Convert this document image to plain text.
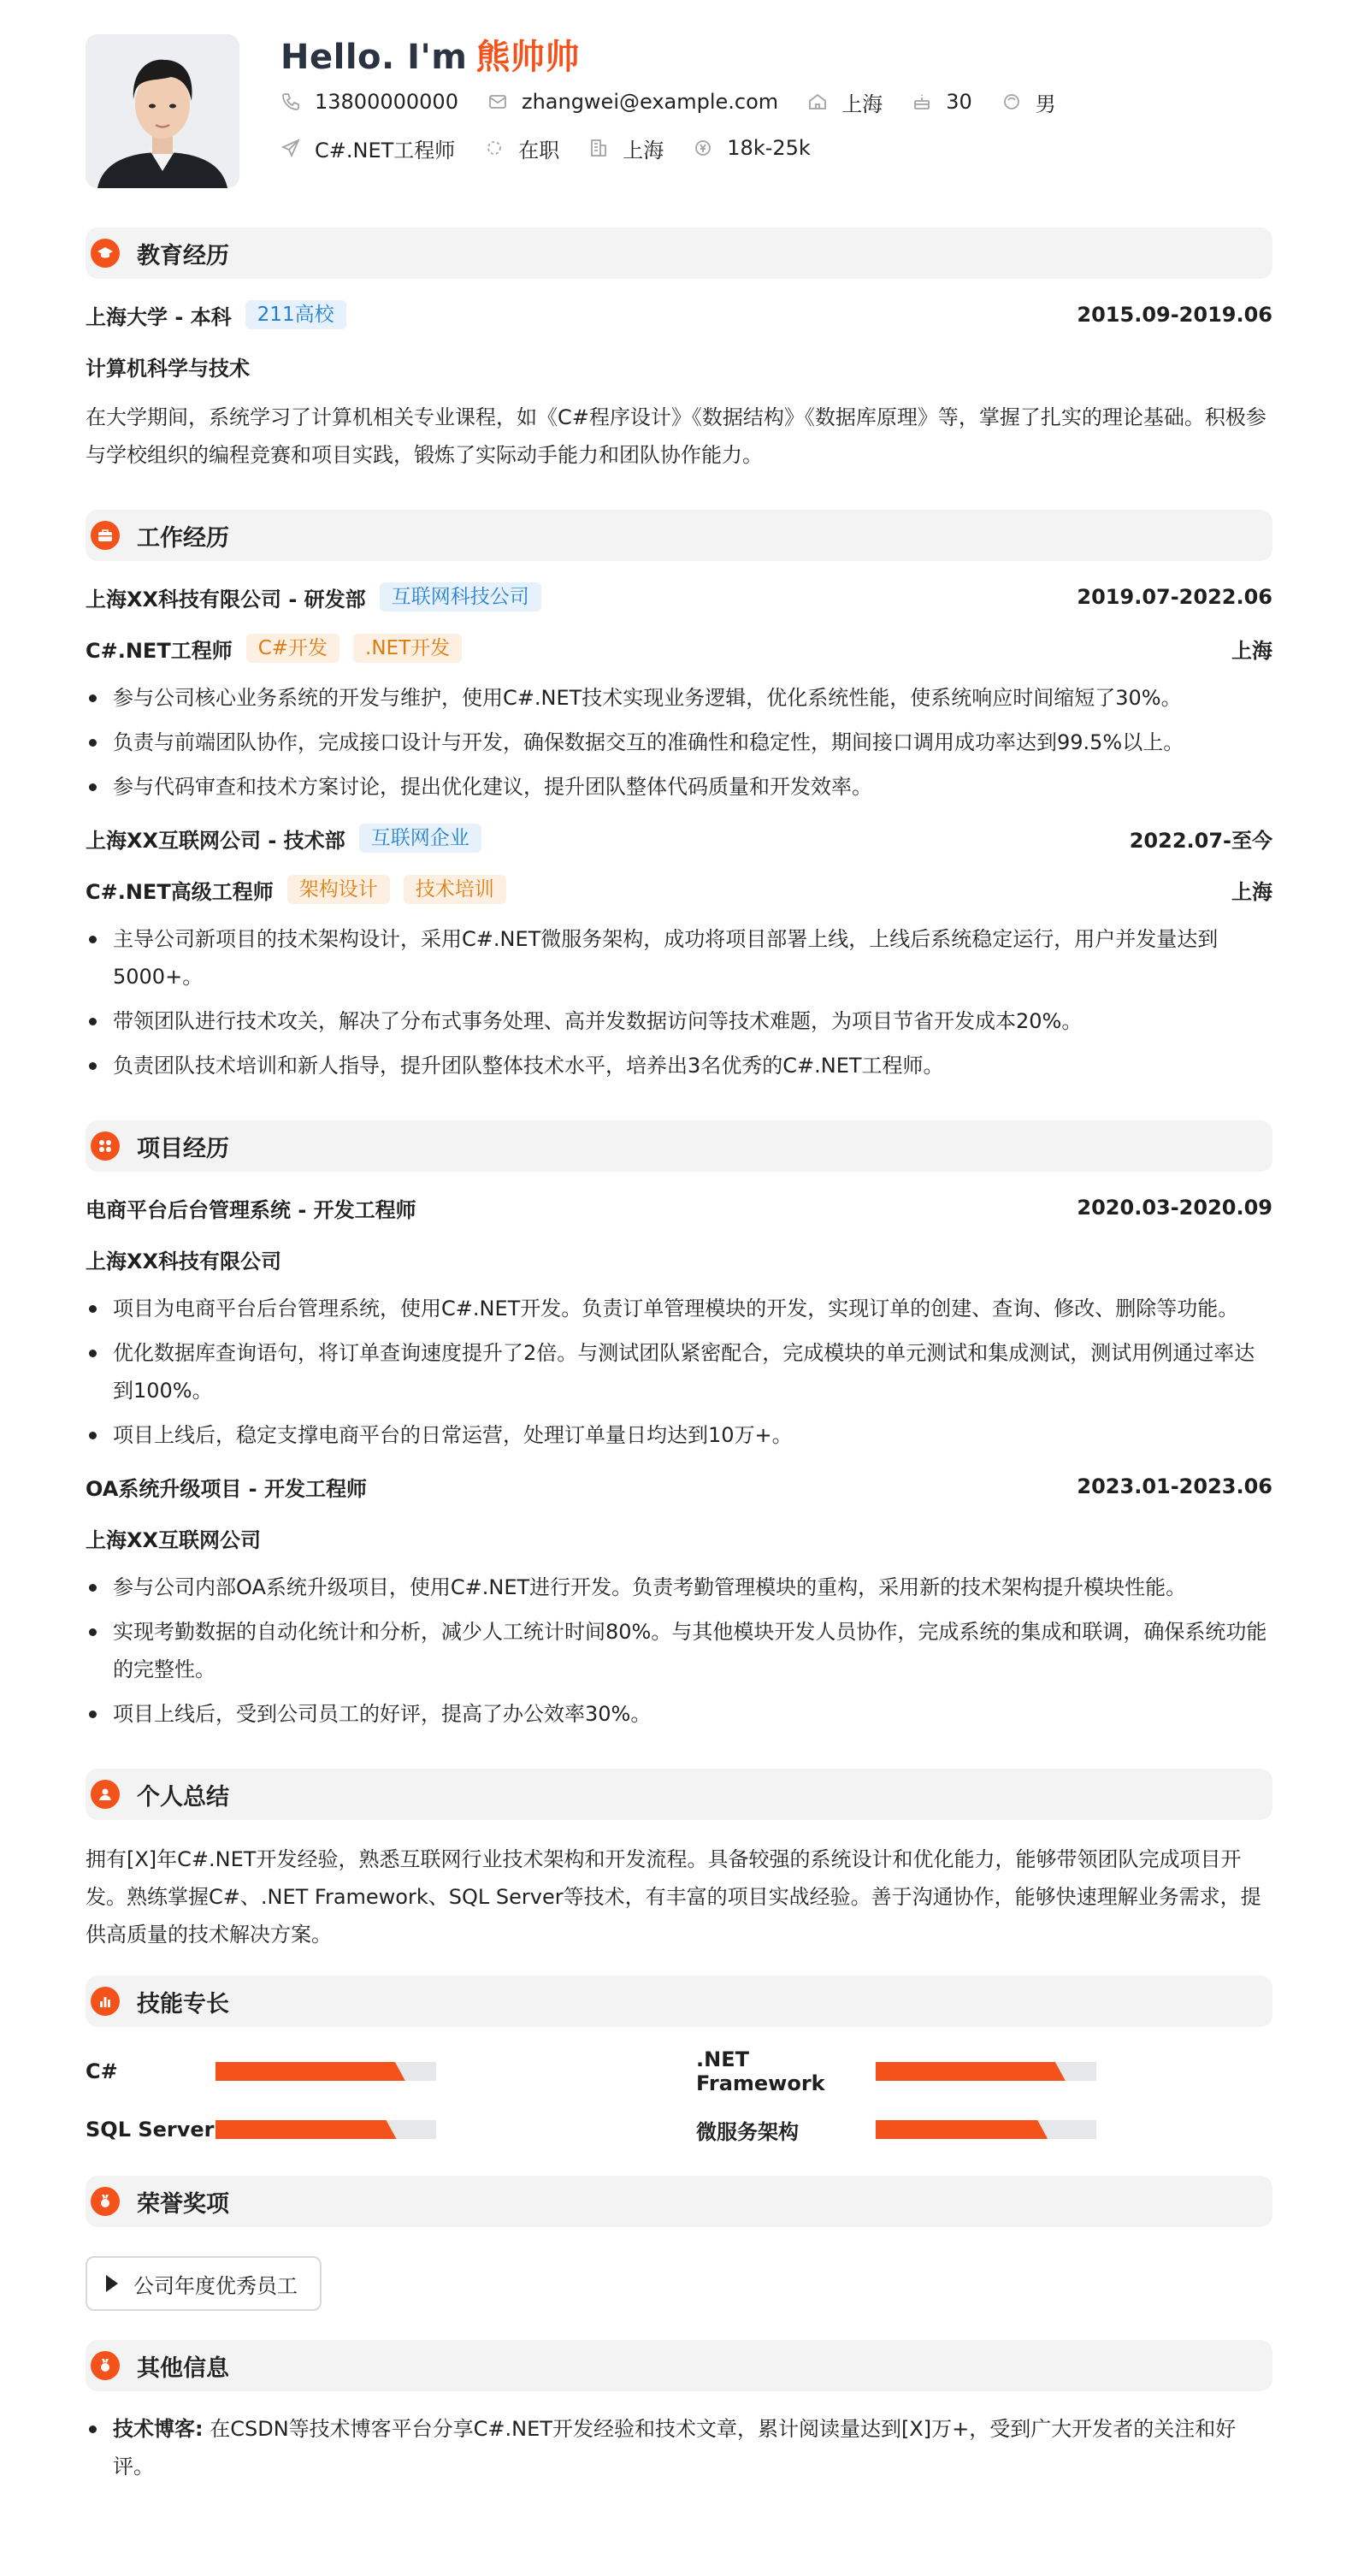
Hello. I'm 熊帅帅
13800000000	zhangwei@example.com	上海	30	男
C#.NET工程师	在职	上海	18k-25k
教育经历
上海大学 - 本科	211高校	2015.09-2019.06
计算机科学与技术
在大学期间，系统学习了计算机相关专业课程，如《C#程序设计》《数据结构》《数据库原理》等，掌握了扎实的理论基础。积极参与学校组织的编程竞赛和项目实践，锻炼了实际动手能力和团队协作能力。
工作经历
上海XX科技有限公司 - 研发部	互联网科技公司	2019.07-2022.06
C#.NET工程师	C#开发	.NET开发	上海
参与公司核心业务系统的开发与维护，使用C#.NET技术实现业务逻辑，优化系统性能，使系统响应时间缩短了30%。
负责与前端团队协作，完成接口设计与开发，确保数据交互的准确性和稳定性，期间接口调用成功率达到99.5%以上。
参与代码审查和技术方案讨论，提出优化建议，提升团队整体代码质量和开发效率。
上海XX互联网公司 - 技术部	互联网企业	2022.07-至今
C#.NET高级工程师	架构设计	技术培训	上海
主导公司新项目的技术架构设计，采用C#.NET微服务架构，成功将项目部署上线，上线后系统稳定运行，用户并发量达到5000+。
带领团队进行技术攻关，解决了分布式事务处理、高并发数据访问等技术难题，为项目节省开发成本20%。
负责团队技术培训和新人指导，提升团队整体技术水平，培养出3名优秀的C#.NET工程师。
项目经历
电商平台后台管理系统 - 开发工程师	2020.03-2020.09
上海XX科技有限公司
项目为电商平台后台管理系统，使用C#.NET开发。负责订单管理模块的开发，实现订单的创建、查询、修改、删除等功能。
优化数据库查询语句，将订单查询速度提升了2倍。与测试团队紧密配合，完成模块的单元测试和集成测试，测试用例通过率达到100%。
项目上线后，稳定支撑电商平台的日常运营，处理订单量日均达到10万+。
OA系统升级项目 - 开发工程师	2023.01-2023.06
上海XX互联网公司
参与公司内部OA系统升级项目，使用C#.NET进行开发。负责考勤管理模块的重构，采用新的技术架构提升模块性能。
实现考勤数据的自动化统计和分析，减少人工统计时间80%。与其他模块开发人员协作，完成系统的集成和联调，确保系统功能的完整性。
项目上线后，受到公司员工的好评，提高了办公效率30%。
个人总结
拥有[X]年C#.NET开发经验，熟悉互联网行业技术架构和开发流程。具备较强的系统设计和优化能力，能够带领团队完成项目开发。熟练掌握C#、.NET Framework、SQL Server等技术，有丰富的项目实战经验。善于沟通协作，能够快速理解业务需求，提供高质量的技术解决方案。
技能专长
C#	.NET Framework
SQL Server	微服务架构
荣誉奖项
公司年度优秀员工
其他信息
技术博客: 在CSDN等技术博客平台分享C#.NET开发经验和技术文章，累计阅读量达到[X]万+，受到广大开发者的关注和好评。
